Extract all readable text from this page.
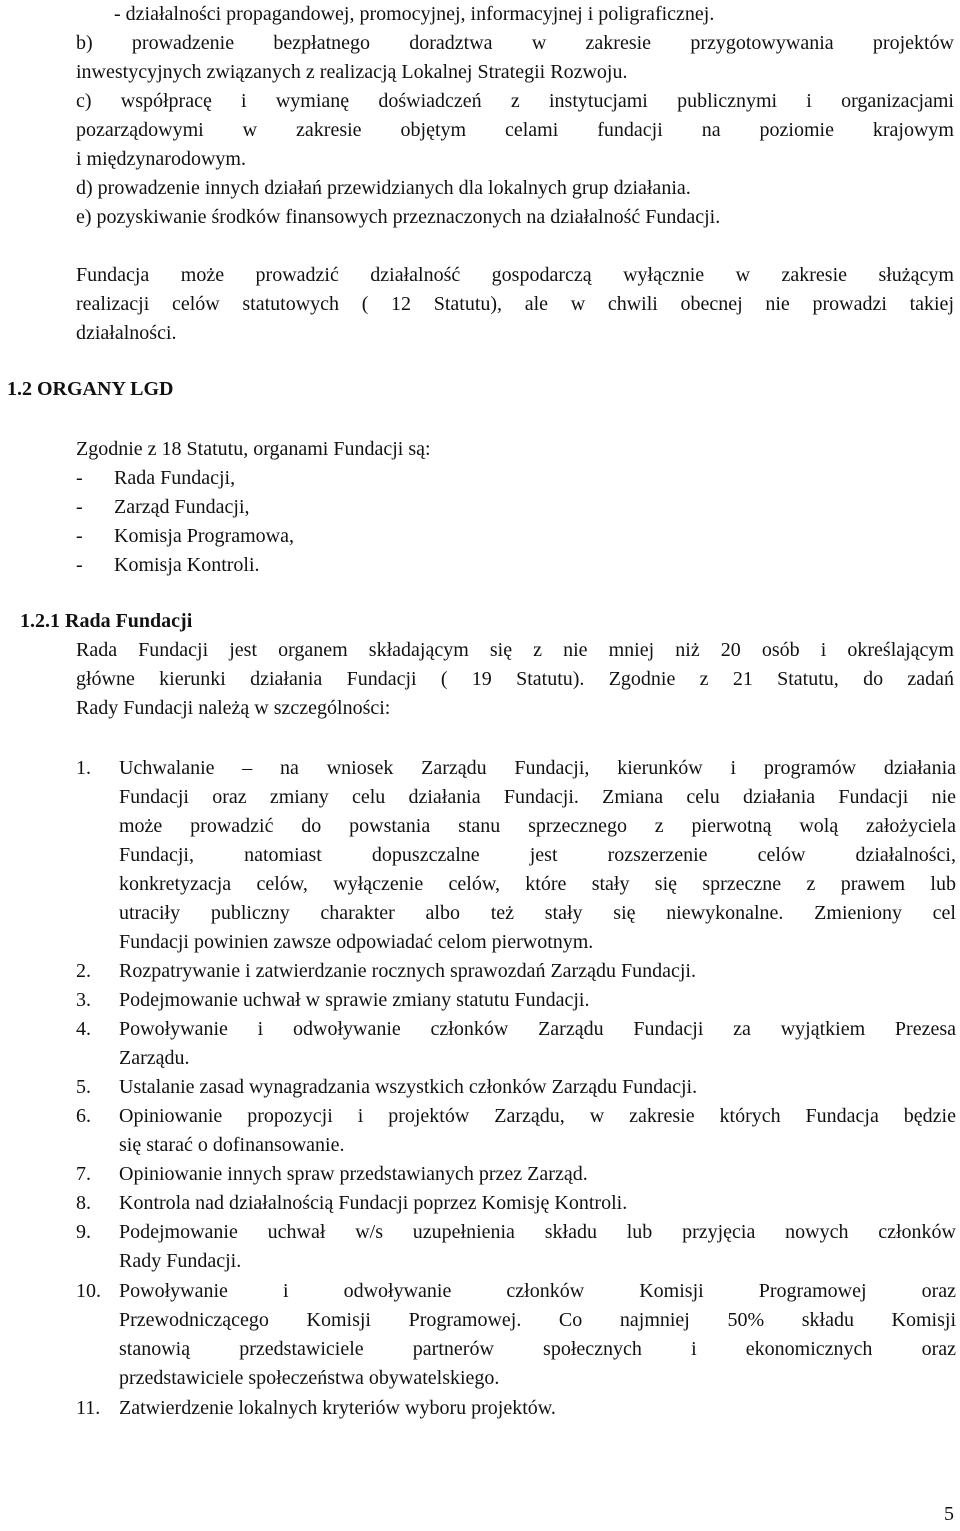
- działalności propagandowej, promocyjnej, informacyjnej i poligraficznej.
b) prowadzenie bezpłatnego doradztwa w zakresie przygotowywania projektów
inwestycyjnych związanych z realizacją Lokalnej Strategii Rozwoju.
c) współpracę i wymianę doświadczeń z instytucjami publicznymi i organizacjami
pozarządowymi w zakresie objętym celami fundacji na poziomie krajowym
i międzynarodowym.
d) prowadzenie innych działań przewidzianych dla lokalnych grup działania.
e) pozyskiwanie środków finansowych przeznaczonych na działalność Fundacji.
Fundacja może prowadzić działalność gospodarczą wyłącznie w zakresie służącym
realizacji celów statutowych ( 12 Statutu), ale w chwili obecnej nie prowadzi takiej
działalności.
1.2 ORGANY LGD
Zgodnie z 18 Statutu, organami Fundacji są:
- Rada Fundacji,
- Zarząd Fundacji,
- Komisja Programowa,
- Komisja Kontroli.
1.2.1 Rada Fundacji
Rada Fundacji jest organem składającym się z nie mniej niż 20 osób i określającym
główne kierunki działania Fundacji ( 19 Statutu). Zgodnie z 21 Statutu, do zadań
Rady Fundacji należą w szczególności:
1.	Uchwalanie – na wniosek Zarządu Fundacji, kierunków i programów działania
Fundacji oraz zmiany celu działania Fundacji. Zmiana celu działania Fundacji nie
może prowadzić do powstania stanu sprzecznego z pierwotną wolą założyciela
Fundacji, natomiast dopuszczalne jest rozszerzenie celów działalności,
konkretyzacja celów, wyłączenie celów, które stały się sprzeczne z prawem lub
utraciły publiczny charakter albo też stały się niewykonalne. Zmieniony cel
Fundacji powinien zawsze odpowiadać celom pierwotnym.
2.	Rozpatrywanie i zatwierdzanie rocznych sprawozdań Zarządu Fundacji.
3.	Podejmowanie uchwał w sprawie zmiany statutu Fundacji.
4.	Powoływanie i odwoływanie członków Zarządu Fundacji za wyjątkiem Prezesa
Zarządu.
5.	Ustalanie zasad wynagradzania wszystkich członków Zarządu Fundacji.
6.	Opiniowanie propozycji i projektów Zarządu, w zakresie których Fundacja będzie
się starać o dofinansowanie.
7.	Opiniowanie innych spraw przedstawianych przez Zarząd.
8.	Kontrola nad działalnością Fundacji poprzez Komisję Kontroli.
9.	Podejmowanie uchwał w/s uzupełnienia składu lub przyjęcia nowych członków
Rady Fundacji.
10. Powoływanie i odwoływanie członków Komisji Programowej oraz
Przewodniczącego Komisji Programowej. Co najmniej 50% składu Komisji
stanowią przedstawiciele partnerów społecznych i ekonomicznych oraz
przedstawiciele społeczeństwa obywatelskiego.
11. Zatwierdzenie lokalnych kryteriów wyboru projektów.
5
